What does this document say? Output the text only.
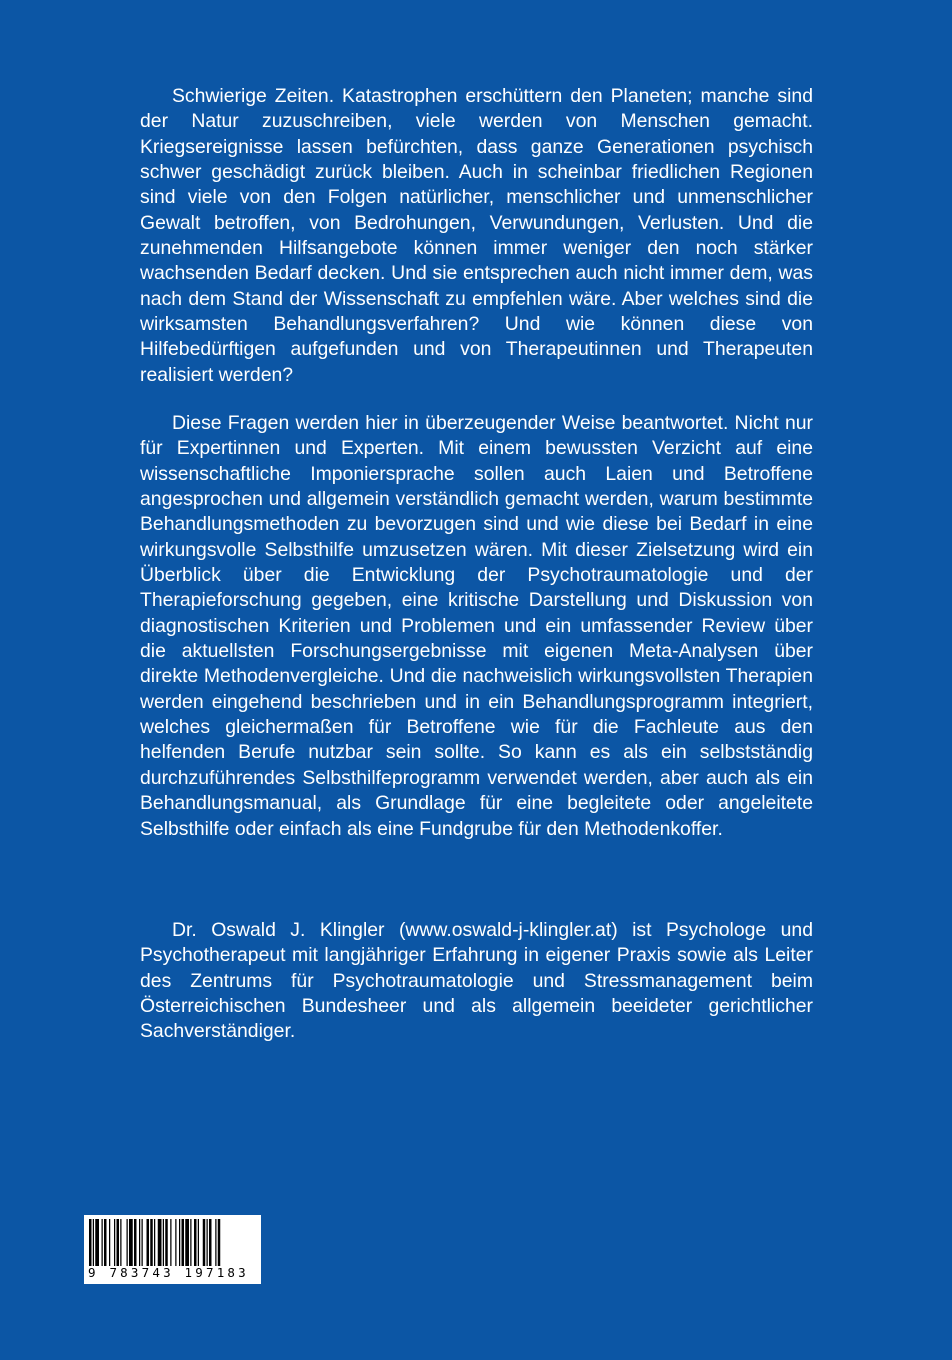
Schwierige Zeiten. Katastrophen erschüttern den Planeten; manche sind der Natur zuzuschreiben, viele werden von Menschen gemacht. Kriegsereignisse lassen befürchten, dass ganze Generationen psychisch schwer geschädigt zurück bleiben. Auch in scheinbar friedlichen Regionen sind viele von den Folgen natürlicher, menschlicher und unmenschlicher Gewalt betroffen, von Bedrohungen, Verwundungen, Verlusten. Und die zunehmenden Hilfsangebote können immer weniger den noch stärker wachsenden Bedarf decken. Und sie entsprechen auch nicht immer dem, was nach dem Stand der Wissenschaft zu empfehlen wäre. Aber welches sind die wirksamsten Behandlungsverfahren? Und wie können diese von Hilfebedürftigen aufgefunden und von Therapeutinnen und Therapeuten realisiert werden?

Diese Fragen werden hier in überzeugender Weise beantwortet. Nicht nur für Expertinnen und Experten. Mit einem bewussten Verzicht auf eine wissenschaftliche Imponiersprache sollen auch Laien und Betroffene angesprochen und allgemein verständlich gemacht werden, warum bestimmte Behandlungsmethoden zu bevorzugen sind und wie diese bei Bedarf in eine wirkungsvolle Selbsthilfe umzusetzen wären. Mit dieser Zielsetzung wird ein Überblick über die Entwicklung der Psychotraumatologie und der Therapieforschung gegeben, eine kritische Darstellung und Diskussion von diagnostischen Kriterien und Problemen und ein umfassender Review über die aktuellsten Forschungsergebnisse mit eigenen Meta-Analysen über direkte Methodenvergleiche. Und die nachweislich wirkungsvollsten Therapien werden eingehend beschrieben und in ein Behandlungsprogramm integriert, welches gleichermaßen für Betroffene wie für die Fachleute aus den helfenden Berufe nutzbar sein sollte. So kann es als ein selbstständig durchzuführendes Selbsthilfeprogramm verwendet werden, aber auch als ein Behandlungsmanual, als Grundlage für eine begleitete oder angeleitete Selbsthilfe oder einfach als eine Fundgrube für den Methodenkoffer.

Dr. Oswald J. Klingler (www.oswald-j-klingler.at) ist Psychologe und Psychotherapeut mit langjähriger Erfahrung in eigener Praxis sowie als Leiter des Zentrums für Psychotraumatologie und Stressmanagement beim Österreichischen Bundesheer und als allgemein beeideter gerichtlicher Sachverständiger.

9 783743 197183
